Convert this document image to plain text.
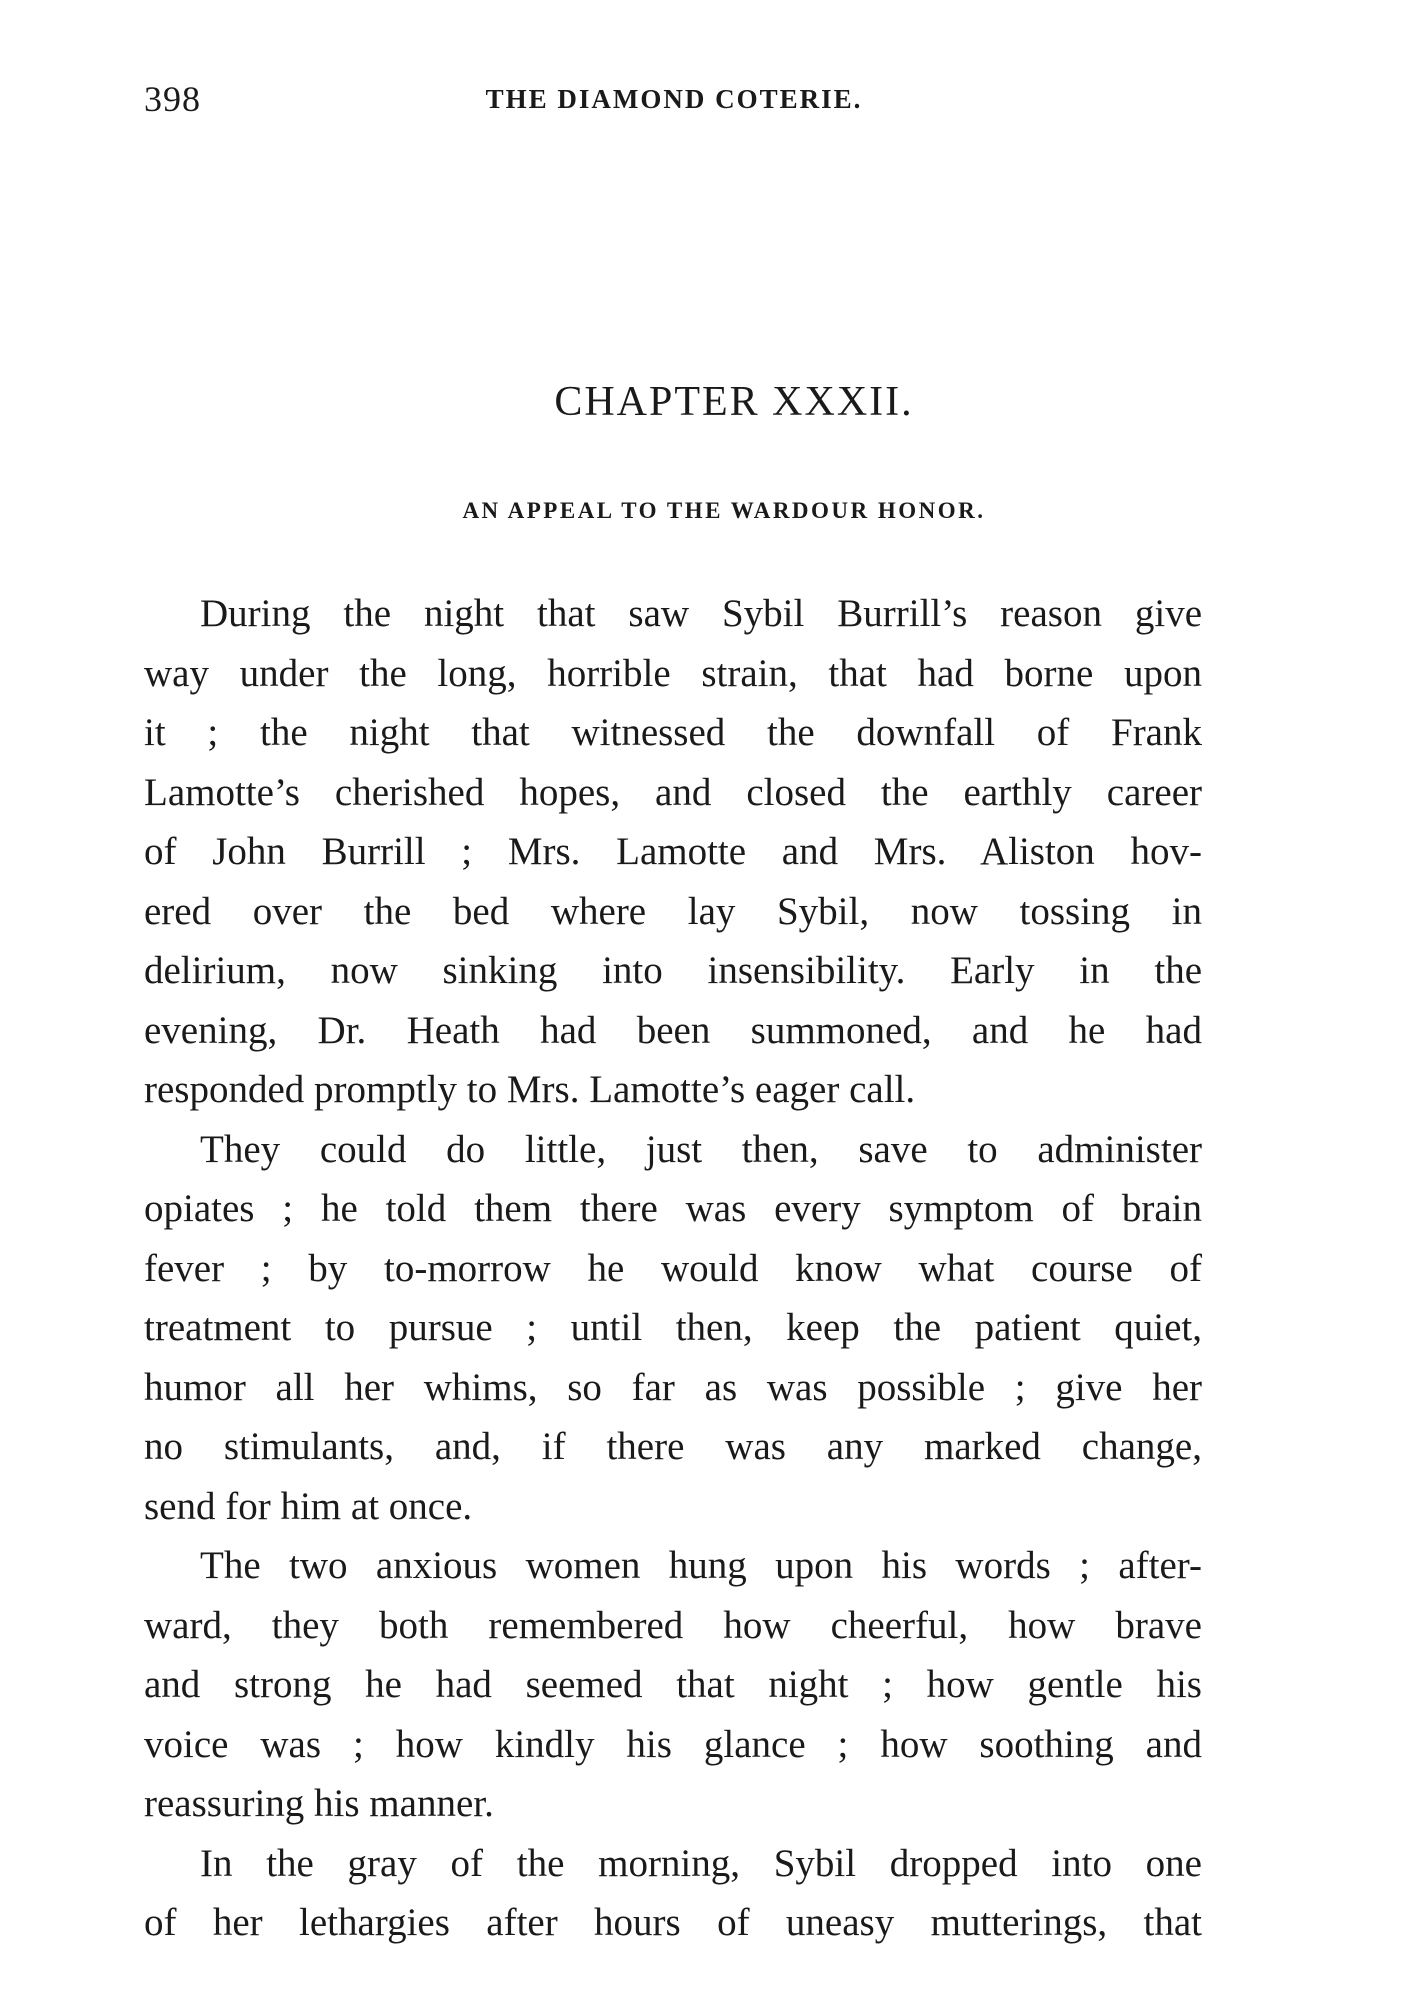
398	THE DIAMOND COTERIE.
CHAPTER XXXII.
AN APPEAL TO THE WARDOUR HONOR.
During the night that saw Sybil Burrill’s reason give
way under the long, horrible strain, that had borne upon
it ; the night that witnessed the downfall of Frank
Lamotte’s cherished hopes, and closed the earthly career
of John Burrill ; Mrs. Lamotte and Mrs. Aliston hov-
ered over the bed where lay Sybil, now tossing in
delirium, now sinking into insensibility. Early in the
evening, Dr. Heath had been summoned, and he had
responded promptly to Mrs. Lamotte’s eager call.
They could do little, just then, save to administer
opiates ; he told them there was every symptom of brain
fever ; by to-morrow he would know what course of
treatment to pursue ; until then, keep the patient quiet,
humor all her whims, so far as was possible ; give her
no stimulants, and, if there was any marked change,
send for him at once.
The two anxious women hung upon his words ; after-
ward, they both remembered how cheerful, how brave
and strong he had seemed that night ; how gentle his
voice was ; how kindly his glance ; how soothing and
reassuring his manner.
In the gray of the morning, Sybil dropped into one
of her lethargies after hours of uneasy mutterings, that
